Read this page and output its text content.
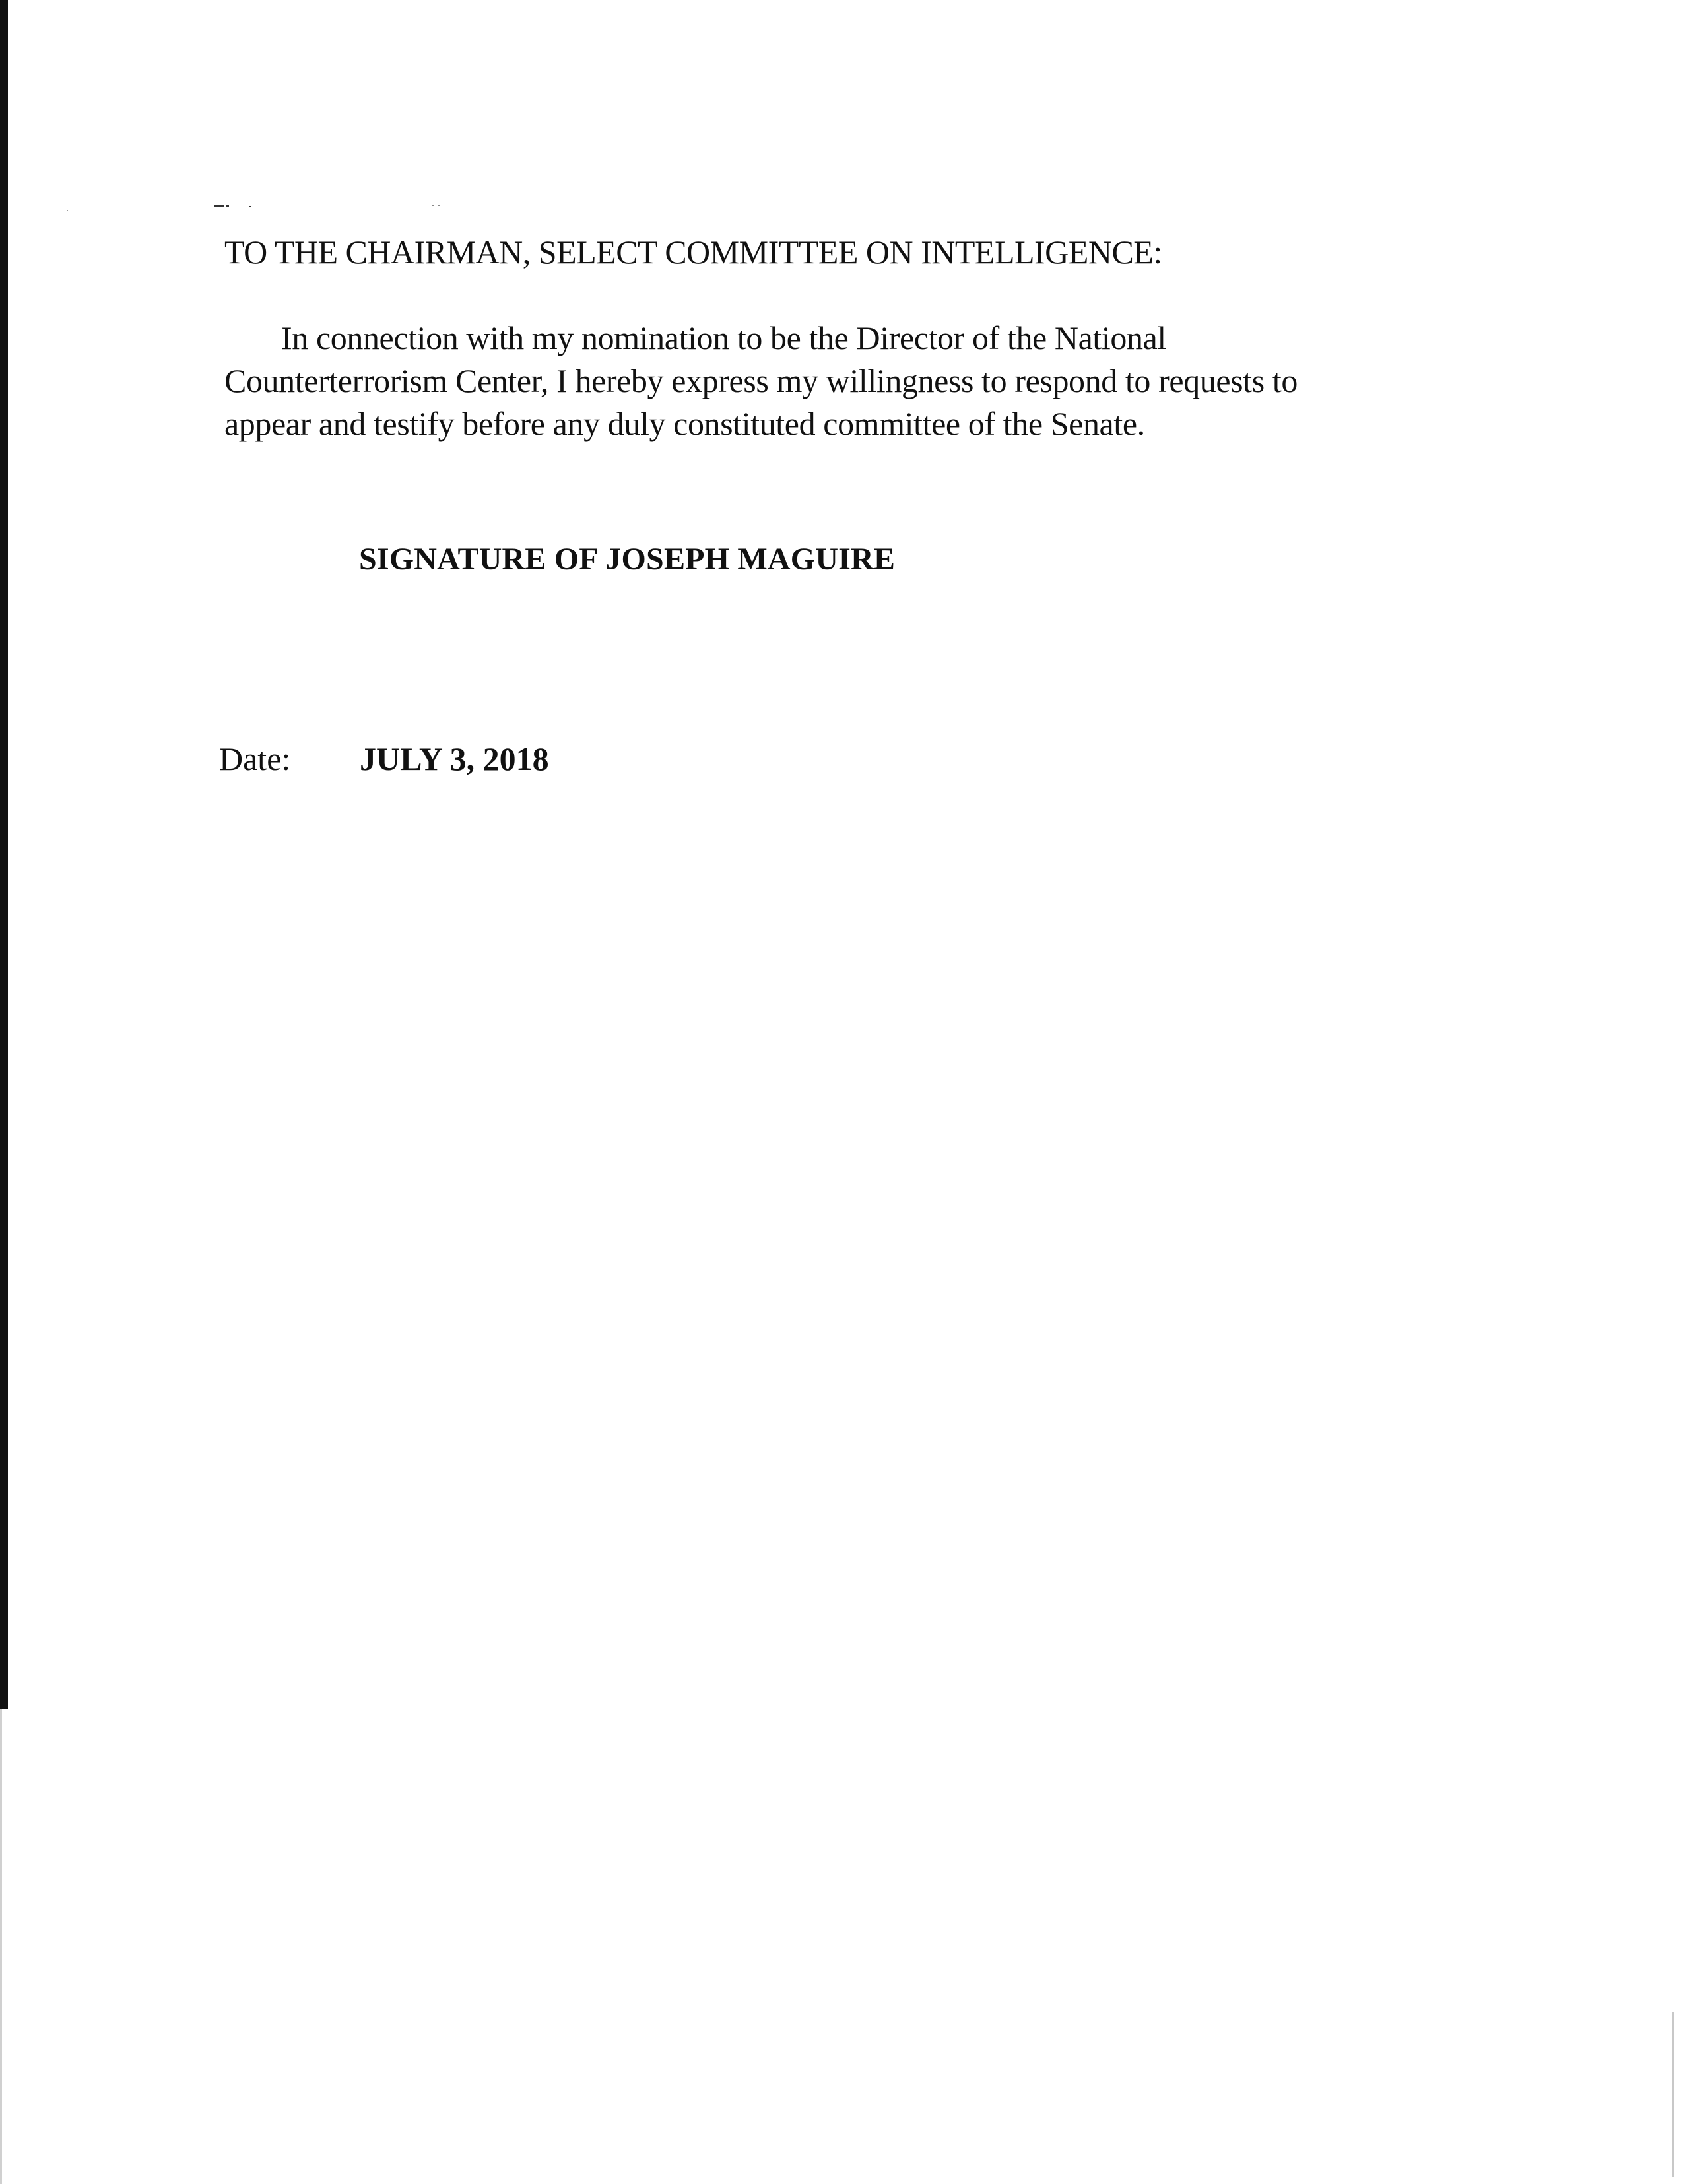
TO THE CHAIRMAN, SELECT COMMITTEE ON INTELLIGENCE:
In connection with my nomination to be the Director of the National
Counterterrorism Center, I hereby express my willingness to respond to requests to
appear and testify before any duly constituted committee of the Senate.
SIGNATURE OF JOSEPH MAGUIRE
Date: JULY 3, 2018
